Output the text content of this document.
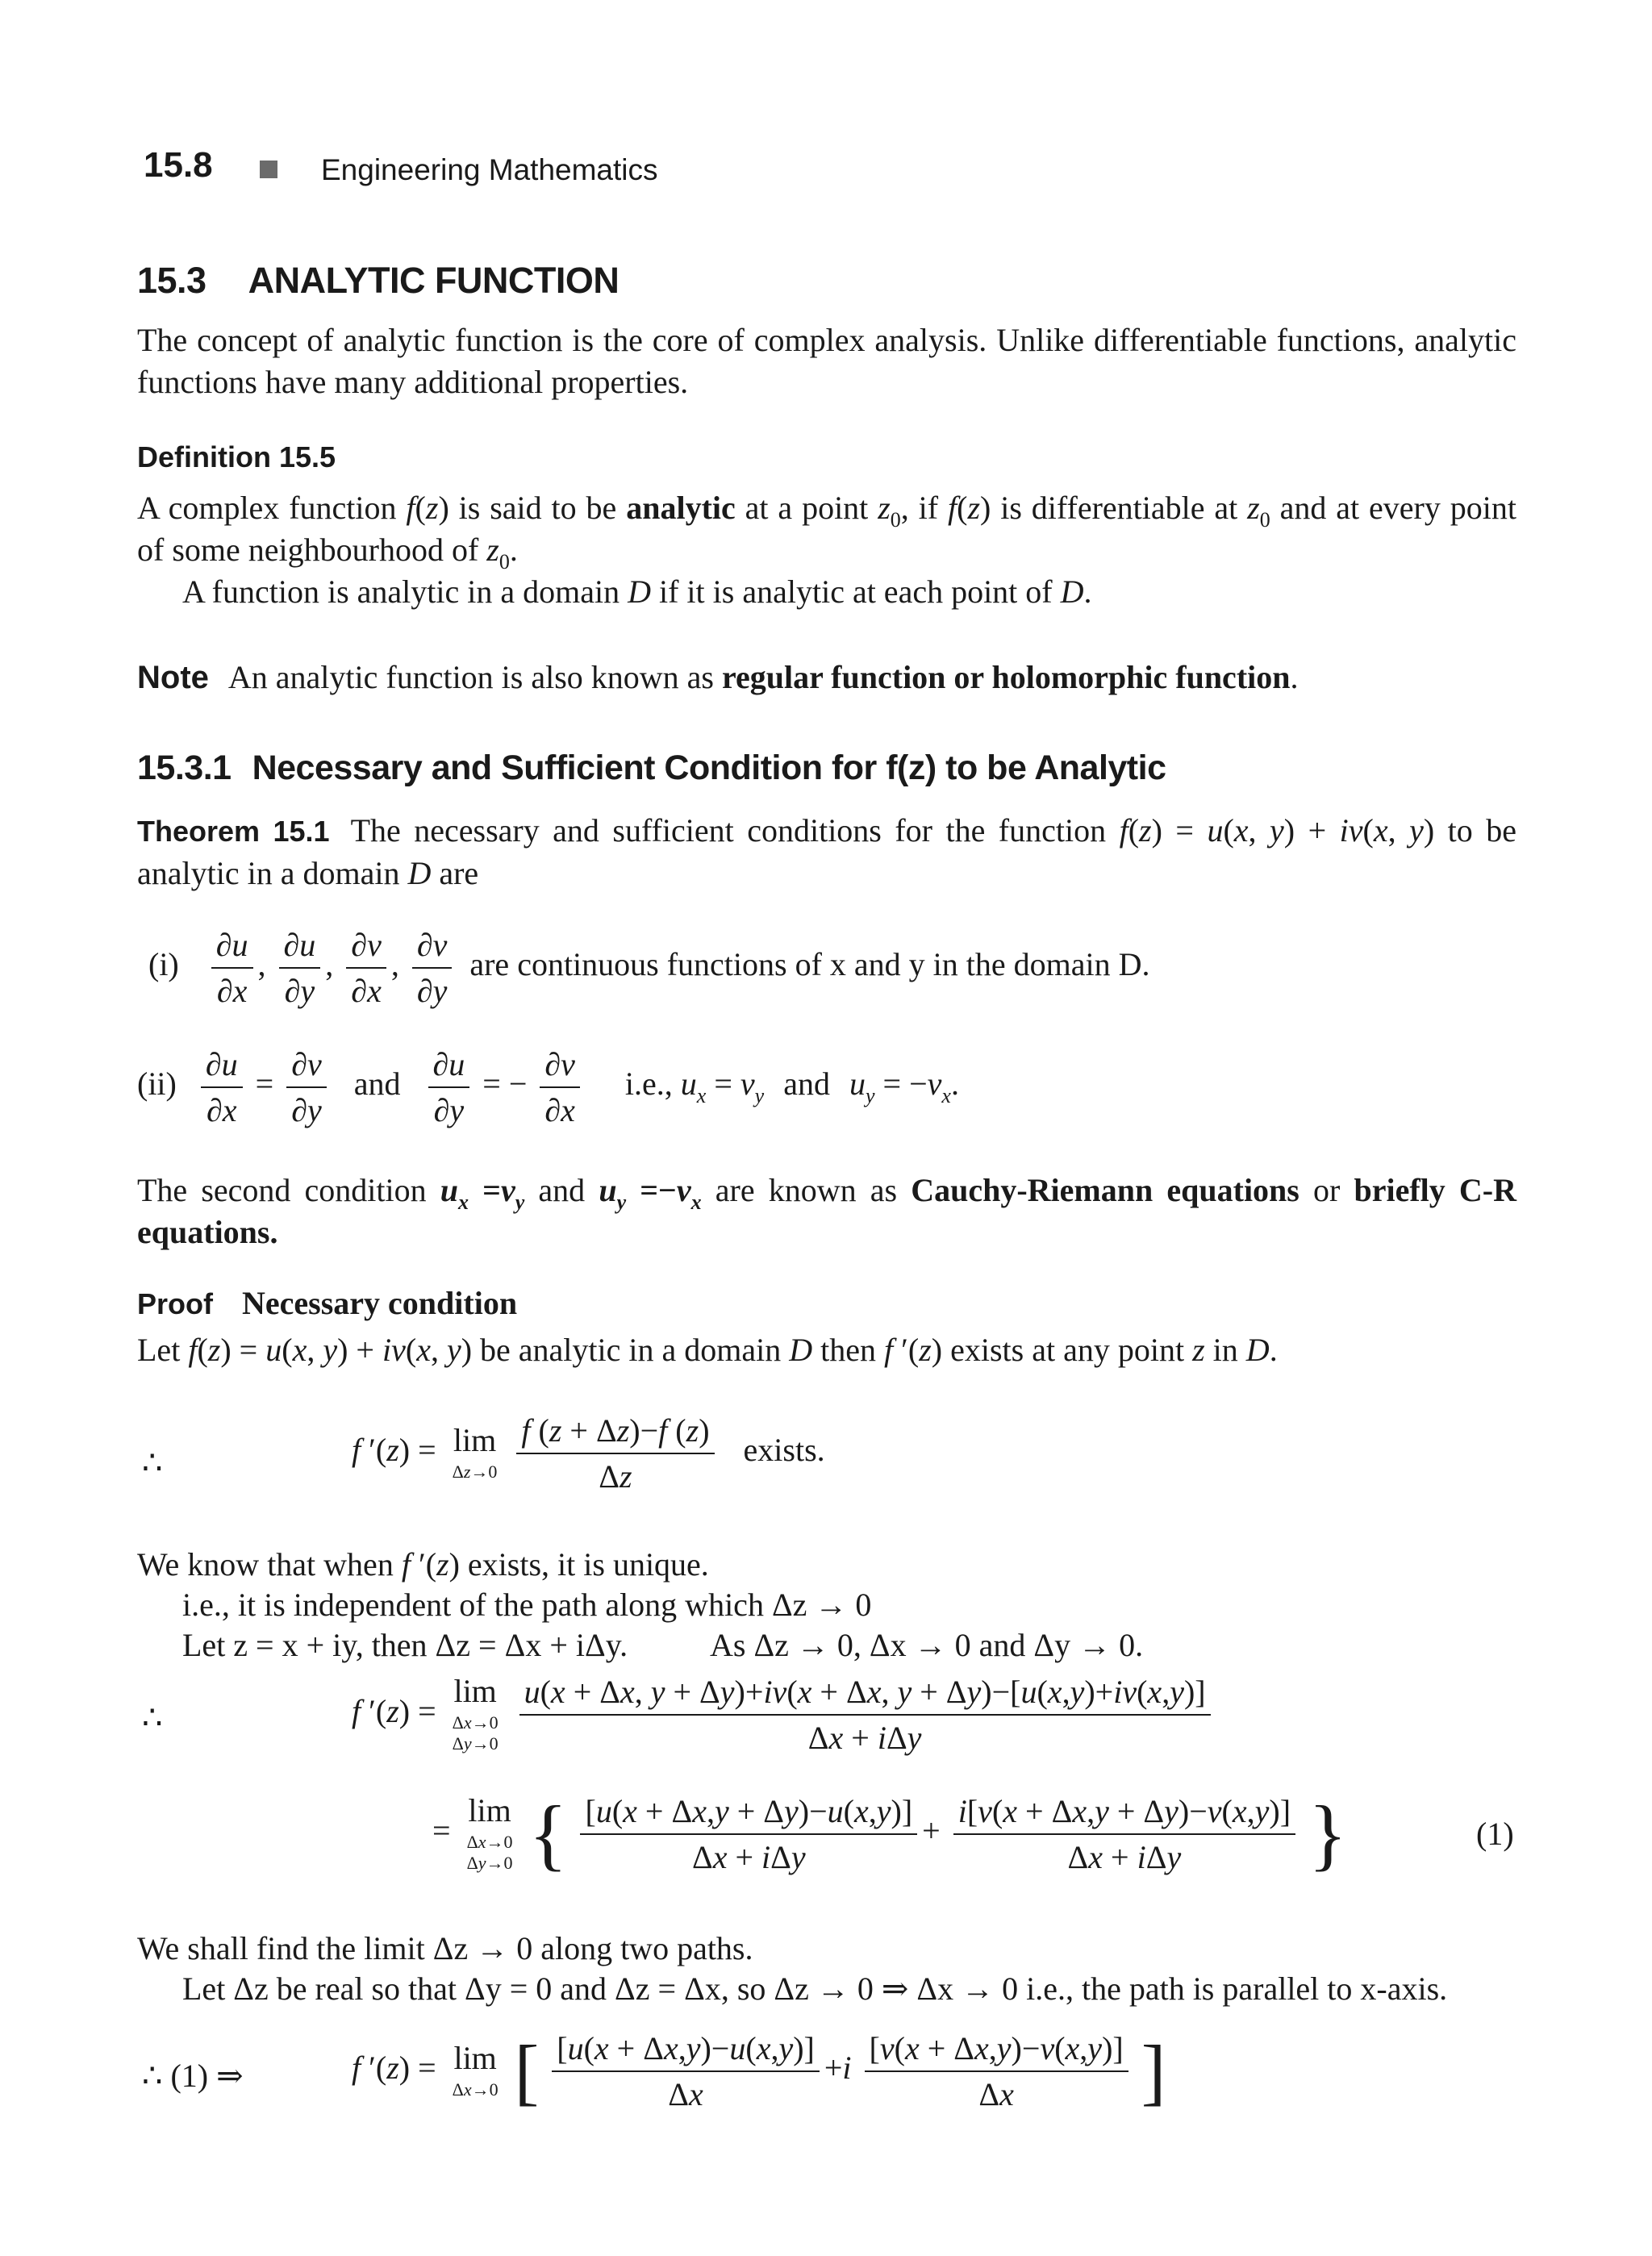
15.8	Engineering Mathematics
15.3 ANALYTIC FUNCTION
The concept of analytic function is the core of complex analysis. Unlike differentiable functions, analytic functions have many additional properties.
Definition 15.5
A complex function f(z) is said to be analytic at a point $z_0$, if f(z) is differentiable at $z_0$ and at every point of some neighbourhood of $z_0$.
A function is analytic in a domain D if it is analytic at each point of D.
Note An analytic function is also known as regular function or holomorphic function.
15.3.1 Necessary and Sufficient Condition for f(z) to be Analytic
Theorem 15.1 The necessary and sufficient conditions for the function f(z) = u(x, y) + iv(x, y) to be analytic in a domain D are
$(i) \frac{\partial u}{\partial x}$ , $\frac{\partial u}{\partial y}$ , $\frac{\partial v}{\partial x}$ , $\frac{\partial v}{\partial y}$ are continuous functions of x and y in the domain D.
$(ii) \frac{\partial u}{\partial x} = \frac{\partial v}{\partial y}$ and $\frac{\partial u}{\partial y}$ = − $\frac{\partial v}{\partial x} i.e$., $u_x = v_y$ and $u_y = -v_x$.
The second condition $u_x =v_y$ and $u_y =-v_x$ are known as Cauchy-Riemann equations or briefly C-R equations.
Proof Necessary condition
Let f(z) = u(x, y) + iv(x, y) be analytic in a domain D then f ′(z) exists at any point z in D.
∴	f ′(z) = lim
Δz→0
$\frac{f (z + \Delta z)-f (z)}{\Delta z}$ exists.
We know that when f ′(z) exists, it is unique.
i.e., it is independent of the path along which Δz → 0
Let z = x + iy, then Δz = Δx + iΔy.	As Δz → 0, Δx → 0 and Δy → 0.
∴	f ′(z) =
lim
Δx→0
Δy→0
$\frac{u(x + \Delta x, y + \Delta y)+iv(x + \Delta x, y + \Delta y)-[u(x,y)+iv(x,y)]}{\text{Δx + iΔy}}$
=
lim
Δx→0
Δy→0 { $\frac{[u(x + \Delta x,y + \Delta y)-u(x,y)]}{\text{Δx + iΔy}} + \frac{i[v(x + \Delta x,y + \Delta y)-v(x,y)]}{\text{Δx + iΔy}}$ }	(1)
We shall find the limit Δz → 0 along two paths.
Let Δz be real so that Δy = 0 and Δz = Δx, so Δz → 0 ⇒ Δx → 0 i.e., the path is parallel to x-axis.
∴ (1) ⇒	f ′(z) = lim
Δx→0 [ $\frac{[u(x + \Delta x,y)-u(x,y)]}{\Delta x} +i \frac{[v(x + \Delta x,y)-v(x,y)]}{\Delta x}$ ]
